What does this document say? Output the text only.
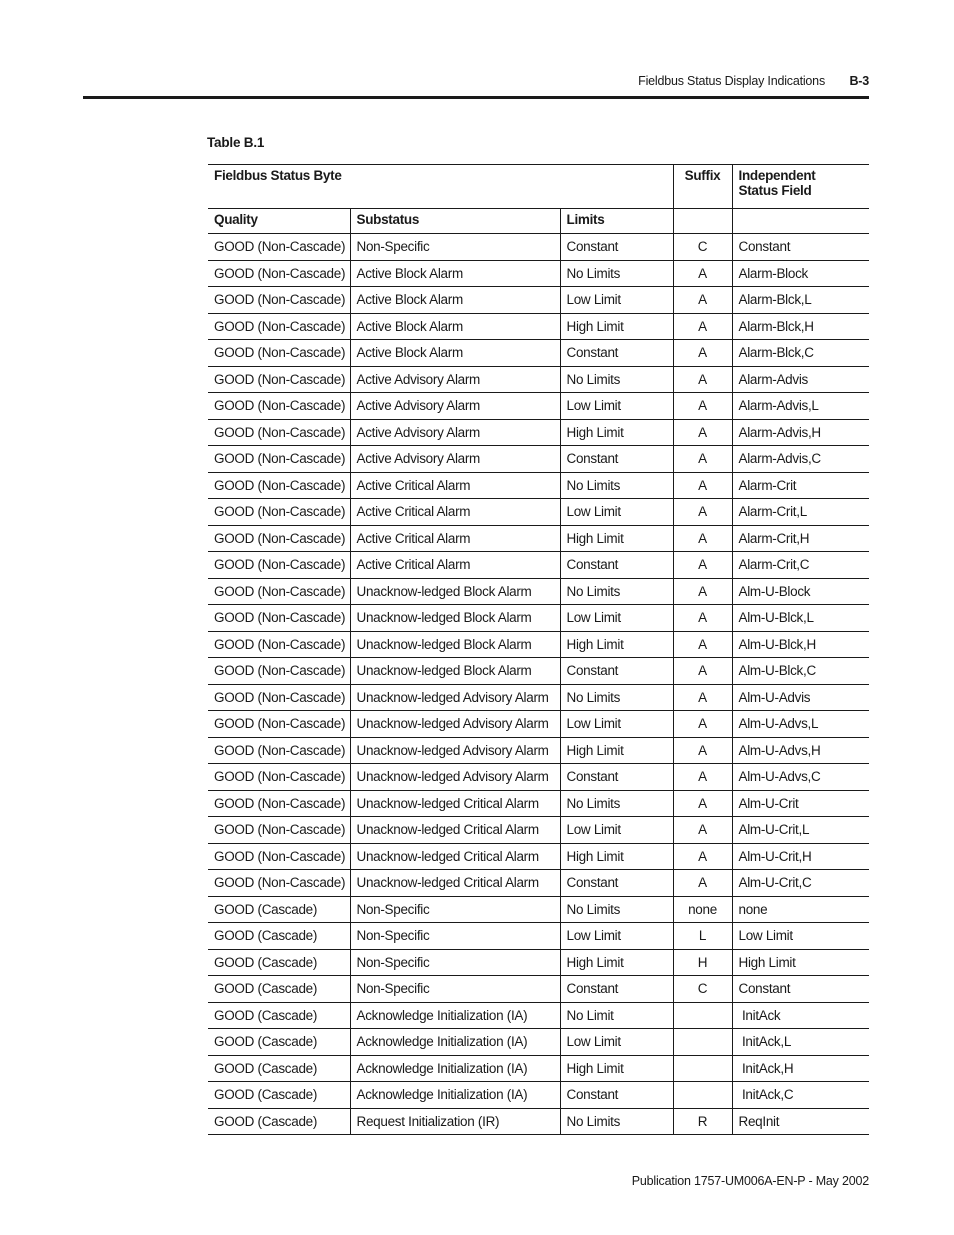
Fieldbus Status Display Indications B-3
Table B.1
Fieldbus Status Byte			Suffix	Independent
Status Field
Quality	Substatus	Limits		
GOOD (Non-Cascade)	Non-Specific	Constant	C	Constant
GOOD (Non-Cascade)	Active Block Alarm	No Limits	A	Alarm-Block
GOOD (Non-Cascade)	Active Block Alarm	Low Limit	A	Alarm-Blck,L
GOOD (Non-Cascade)	Active Block Alarm	High Limit	A	Alarm-Blck,H
GOOD (Non-Cascade)	Active Block Alarm	Constant	A	Alarm-Blck,C
GOOD (Non-Cascade)	Active Advisory Alarm	No Limits	A	Alarm-Advis
GOOD (Non-Cascade)	Active Advisory Alarm	Low Limit	A	Alarm-Advis,L
GOOD (Non-Cascade)	Active Advisory Alarm	High Limit	A	Alarm-Advis,H
GOOD (Non-Cascade)	Active Advisory Alarm	Constant	A	Alarm-Advis,C
GOOD (Non-Cascade)	Active Critical Alarm	No Limits	A	Alarm-Crit
GOOD (Non-Cascade)	Active Critical Alarm	Low Limit	A	Alarm-Crit,L
GOOD (Non-Cascade)	Active Critical Alarm	High Limit	A	Alarm-Crit,H
GOOD (Non-Cascade)	Active Critical Alarm	Constant	A	Alarm-Crit,C
GOOD (Non-Cascade)	Unacknow-ledged Block Alarm	No Limits	A	Alm-U-Block
GOOD (Non-Cascade)	Unacknow-ledged Block Alarm	Low Limit	A	Alm-U-Blck,L
GOOD (Non-Cascade)	Unacknow-ledged Block Alarm	High Limit	A	Alm-U-Blck,H
GOOD (Non-Cascade)	Unacknow-ledged Block Alarm	Constant	A	Alm-U-Blck,C
GOOD (Non-Cascade)	Unacknow-ledged Advisory Alarm	No Limits	A	Alm-U-Advis
GOOD (Non-Cascade)	Unacknow-ledged Advisory Alarm	Low Limit	A	Alm-U-Advs,L
GOOD (Non-Cascade)	Unacknow-ledged Advisory Alarm	High Limit	A	Alm-U-Advs,H
GOOD (Non-Cascade)	Unacknow-ledged Advisory Alarm	Constant	A	Alm-U-Advs,C
GOOD (Non-Cascade)	Unacknow-ledged Critical Alarm	No Limits	A	Alm-U-Crit
GOOD (Non-Cascade)	Unacknow-ledged Critical Alarm	Low Limit	A	Alm-U-Crit,L
GOOD (Non-Cascade)	Unacknow-ledged Critical Alarm	High Limit	A	Alm-U-Crit,H
GOOD (Non-Cascade)	Unacknow-ledged Critical Alarm	Constant	A	Alm-U-Crit,C
GOOD (Cascade)	Non-Specific	No Limits	none	none
GOOD (Cascade)	Non-Specific	Low Limit	L	Low Limit
GOOD (Cascade)	Non-Specific	High Limit	H	High Limit
GOOD (Cascade)	Non-Specific	Constant	C	Constant
GOOD (Cascade)	Acknowledge Initialization (IA)	No Limit		InitAck
GOOD (Cascade)	Acknowledge Initialization (IA)	Low Limit		InitAck,L
GOOD (Cascade)	Acknowledge Initialization (IA)	High Limit		InitAck,H
GOOD (Cascade)	Acknowledge Initialization (IA)	Constant		InitAck,C
GOOD (Cascade)	Request Initialization (IR)	No Limits	R	ReqInit
Publication 1757-UM006A-EN-P - May 2002
